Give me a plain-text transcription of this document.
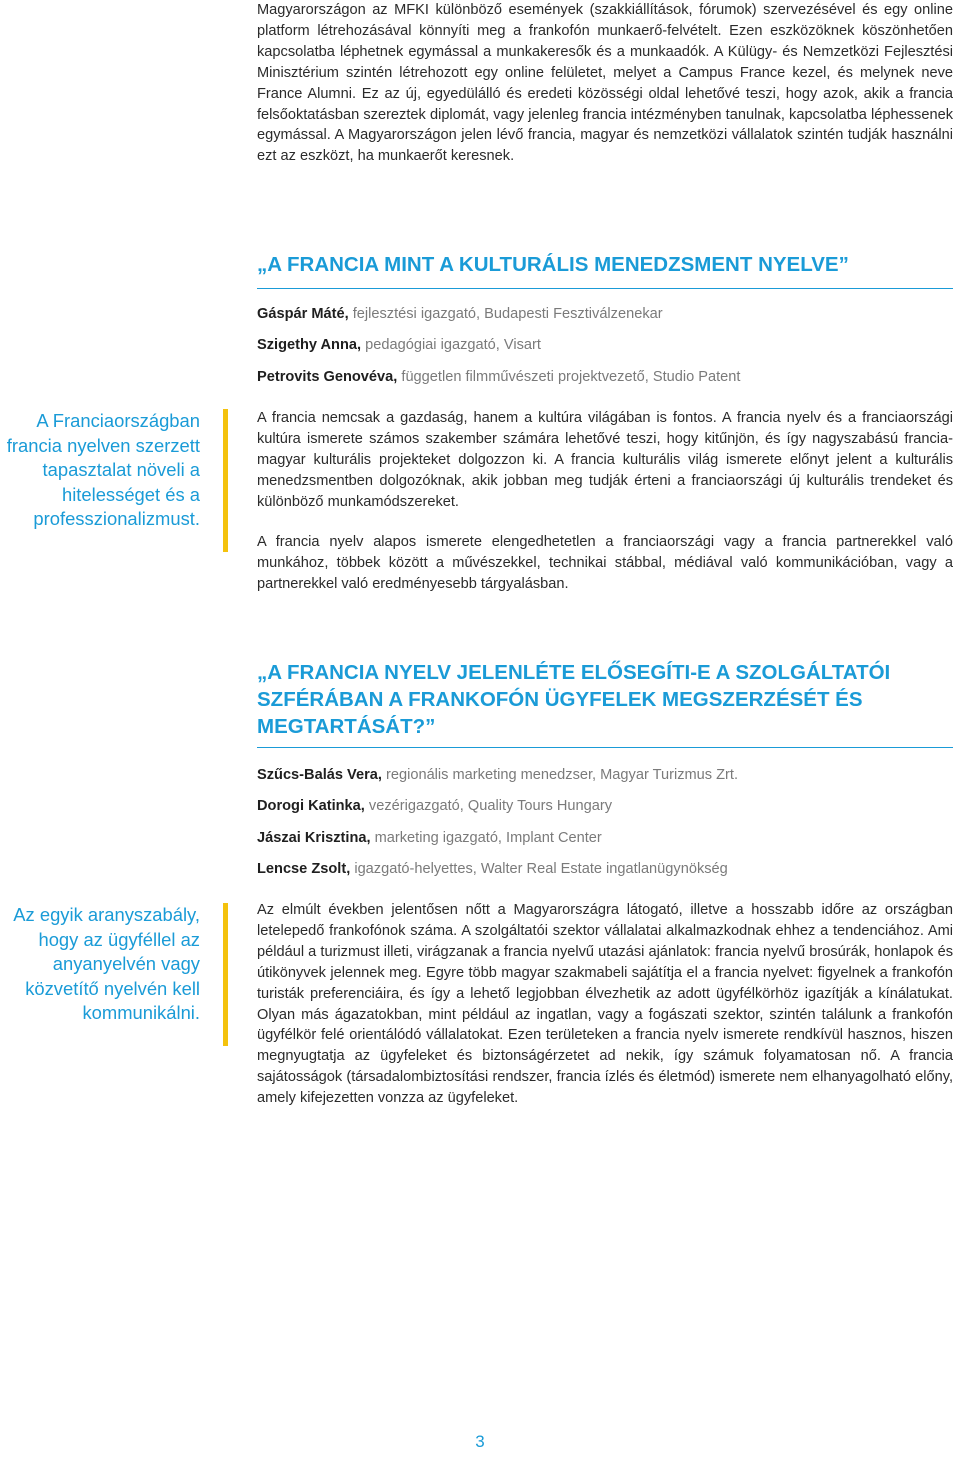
Magyarországon az MFKI különböző események (szakkiállítások, fórumok) szervezésével és egy online platform létrehozásával könnyíti meg a frankofón munkaerő-felvételt. Ezen eszközöknek köszönhetően kapcsolatba léphetnek egymással a munkakeresők és a munkaadók. A Külügy- és Nemzetközi Fejlesztési Minisztérium szintén létrehozott egy online felületet, melyet a Campus France kezel, és melynek neve France Alumni. Ez az új, egyedülálló és eredeti közösségi oldal lehetővé teszi, hogy azok, akik a francia felsőoktatásban szereztek diplomát, vagy jelenleg francia intézményben tanulnak, kapcsolatba léphessenek egymással. A Magyarországon jelen lévő francia, magyar és nemzetközi vállalatok szintén tudják használni ezt az eszközt, ha munkaerőt keresnek.

„A FRANCIA MINT A KULTURÁLIS MENEDZSMENT NYELVE”

Gáspár Máté, fejlesztési igazgató, Budapesti Fesztiválzenekar

Szigethy Anna, pedagógiai igazgató, Visart

Petrovits Genovéva, független filmművészeti projektvezető, Studio Patent

A Franciaországban francia nyelven szerzett tapasztalat növeli a hitelességet és a professzionalizmust.

A francia nemcsak a gazdaság, hanem a kultúra világában is fontos. A francia nyelv és a franciaországi kultúra ismerete számos szakember számára lehetővé teszi, hogy kitűnjön, és így nagyszabású francia-magyar kulturális projekteket dolgozzon ki. A francia kulturális világ ismerete előnyt jelent a kulturális menedzsmentben dolgozóknak, akik jobban meg tudják érteni a franciaországi új kulturális trendeket és különböző munkamódszereket.

A francia nyelv alapos ismerete elengedhetetlen a franciaországi vagy a francia partnerekkel való munkához, többek között a művészekkel, technikai stábbal, médiával való kommunikációban, vagy a partnerekkel való eredményesebb tárgyalásban.

„A FRANCIA NYELV JELENLÉTE ELŐSEGÍTI-E A SZOLGÁLTATÓI SZFÉRÁBAN A FRANKOFÓN ÜGYFELEK MEGSZERZÉSÉT ÉS MEGTARTÁSÁT?”

Szűcs-Balás Vera, regionális marketing menedzser, Magyar Turizmus Zrt.

Dorogi Katinka, vezérigazgató, Quality Tours Hungary

Jászai Krisztina, marketing igazgató, Implant Center

Lencse Zsolt, igazgató-helyettes, Walter Real Estate ingatlanügynökség

Az egyik aranyszabály, hogy az ügyféllel az anyanyelvén vagy közvetítő nyelvén kell kommunikálni.

Az elmúlt években jelentősen nőtt a Magyarországra látogató, illetve a hosszabb időre az országban letelepedő frankofónok száma. A szolgáltatói szektor vállalatai alkalmazkodnak ehhez a tendenciához. Ami például a turizmust illeti, virágzanak a francia nyelvű utazási ajánlatok: francia nyelvű brosúrák, honlapok és útikönyvek jelennek meg. Egyre több magyar szakmabeli sajátítja el a francia nyelvet: figyelnek a frankofón turisták preferenciáira, és így a lehető legjobban élvezhetik az adott ügyfélkörhöz igazítják a kínálatukat. Olyan más ágazatokban, mint például az ingatlan, vagy a fogászati szektor, szintén találunk a frankofón ügyfélkör felé orientálódó vállalatokat. Ezen területeken a francia nyelv ismerete rendkívül hasznos, hiszen megnyugtatja az ügyfeleket és biztonságérzetet ad nekik, így számuk folyamatosan nő. A francia sajátosságok (társadalombiztosítási rendszer, francia ízlés és életmód) ismerete nem elhanyagolható előny, amely kifejezetten vonzza az ügyfeleket.

3
